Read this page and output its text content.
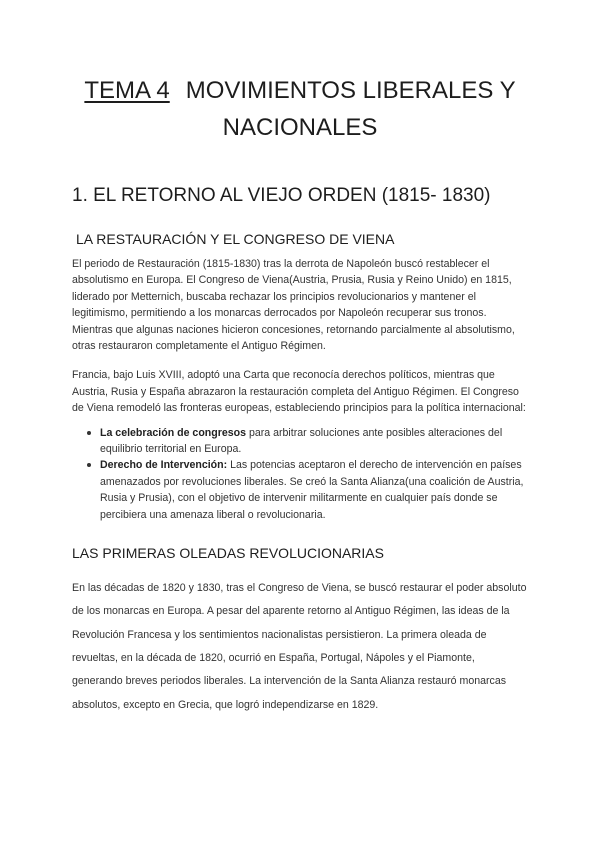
TEMA 4 MOVIMIENTOS LIBERALES Y
NACIONALES
1. EL RETORNO AL VIEJO ORDEN (1815- 1830)
LA RESTAURACIÓN Y EL CONGRESO DE VIENA

El periodo de Restauración (1815-1830) tras la derrota de Napoleón buscó restablecer el absolutismo en Europa. El Congreso de Viena(Austria, Prusia, Rusia y Reino Unido) en 1815, liderado por Metternich, buscaba rechazar los principios revolucionarios y mantener el legitimismo, permitiendo a los monarcas derrocados por Napoleón recuperar sus tronos. Mientras que algunas naciones hicieron concesiones, retornando parcialmente al absolutismo, otras restauraron completamente el Antiguo Régimen.

Francia, bajo Luis XVIII, adoptó una Carta que reconocía derechos políticos, mientras que Austria, Rusia y España abrazaron la restauración completa del Antiguo Régimen. El Congreso de Viena remodeló las fronteras europeas, estableciendo principios para la política internacional:

La celebración de congresos para arbitrar soluciones ante posibles alteraciones del equilibrio territorial en Europa.
Derecho de Intervención: Las potencias aceptaron el derecho de intervención en países amenazados por revoluciones liberales. Se creó la Santa Alianza(una coalición de Austria, Rusia y Prusia), con el objetivo de intervenir militarmente en cualquier país donde se percibiera una amenaza liberal o revolucionaria.
LAS PRIMERAS OLEADAS REVOLUCIONARIAS

En las décadas de 1820 y 1830, tras el Congreso de Viena, se buscó restaurar el poder absoluto de los monarcas en Europa. A pesar del aparente retorno al Antiguo Régimen, las ideas de la Revolución Francesa y los sentimientos nacionalistas persistieron. La primera oleada de revueltas, en la década de 1820, ocurrió en España, Portugal, Nápoles y el Piamonte, generando breves periodos liberales. La intervención de la Santa Alianza restauró monarcas absolutos, excepto en Grecia, que logró independizarse en 1829.
